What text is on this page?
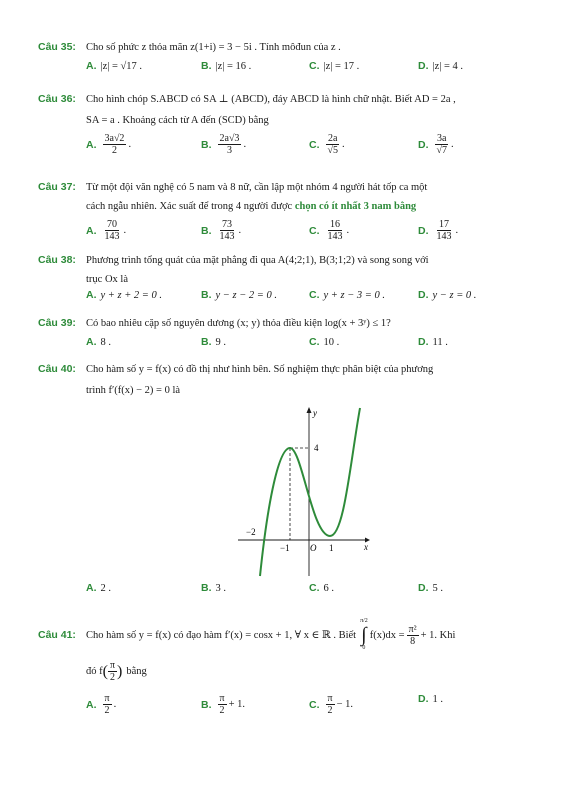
Câu 35: Cho số phức z thỏa mãn z(1+i) = 3 − 5i . Tính môđun của z .
A. |z| = √17 .	B. |z| = 16 .	C. |z| = 17 .	D. |z| = 4 .
Câu 36: Cho hình chóp S.ABCD có SA ⊥ (ABCD), đáy ABCD là hình chữ nhật. Biết AD = 2a ,
SA = a . Khoảng cách từ A đến (SCD) bằng
A. $\frac{3a√2}{2}$ .	B. $\frac{2a√3}{3}$ .	C. $\frac{2a}{√5}$ .	D. $\frac{3a}{√7}$ .
Câu 37: Từ một đội văn nghệ có 5 nam và 8 nữ, cần lập một nhóm 4 người hát tốp ca một
cách ngẫu nhiên. Xác suất để trong 4 người được chọn có ít nhất 3 nam bằng
A. $\frac{70}{143}$ .	B. $\frac{73}{143}$ .	C. $\frac{16}{143}$ .	D. $\frac{17}{143}$ .
Câu 38: Phương trình tổng quát của mặt phẳng đi qua A(4;2;1), B(3;1;2) và song song với
trục Ox là
A. y + z + 2 = 0 .	B. y − z − 2 = 0 .	C. y + z − 3 = 0 .	D. y − z = 0 .
Câu 39: Có bao nhiêu cặp số nguyên dương (x; y) thỏa điều kiện log(x + 3ʸ) ≤ 1?
A. 8 .	B. 9 .	C. 10 .	D. 11 .
Câu 40: Cho hàm số y = f(x) có đồ thị như hình bên. Số nghiệm thực phân biệt của phương
trình f′(f(x) − 2) = 0 là
y
x
O
4
−2
−1	1
A. 2 .	B. 3 .	C. 6 .	D. 5 .
Câu 41: Cho hàm số y = f(x) có đạo hàm f′(x) = cosx + 1, ∀ x ∈ ℝ . Biết
π/2
∫
0
$f(x)dx = \frac{\text{π²}}{8} + 1$. Khi
đó f ( $\frac{\pi}{2}$ ) bằng
A. $\frac{\pi}{2}$ .	B. $\frac{\pi}{2} + 1$.	C. $\frac{\pi}{2} - 1$.	D. 1 .
